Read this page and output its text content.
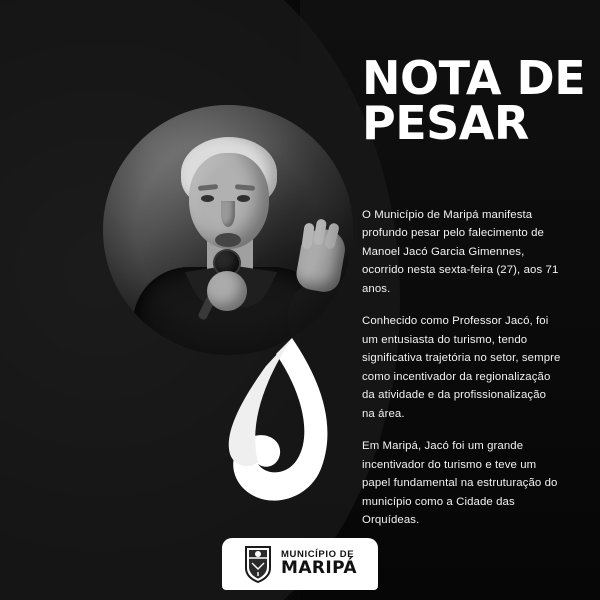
NOTA DE
PESAR

O Município de Maripá manifesta profundo pesar pelo falecimento de Manoel Jacó Garcia Gimennes, ocorrido nesta sexta-feira (27), aos 71 anos.

Conhecido como Professor Jacó, foi um entusiasta do turismo, tendo significativa trajetória no setor, sempre como incentivador da regionalização da atividade e da profissionalização na área.

Em Maripá, Jacó foi um grande incentivador do turismo e teve um papel fundamental na estruturação do município como a Cidade das Orquídeas.

MUNICÍPIO DE
MARIPÁ
